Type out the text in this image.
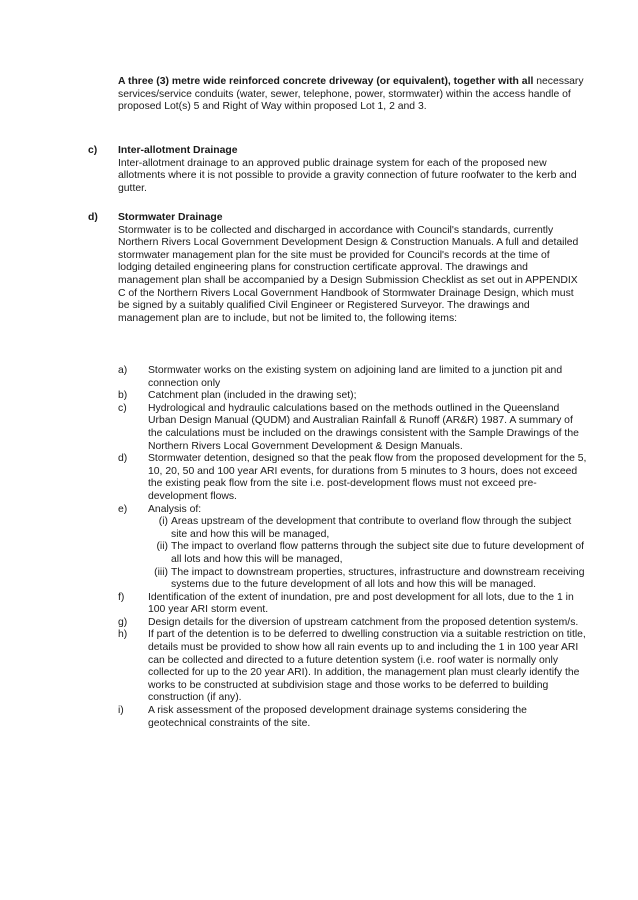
A three (3) metre wide reinforced concrete driveway (or equivalent), together with all necessary services/service conduits (water, sewer, telephone, power, stormwater) within the access handle of proposed Lot(s) 5 and Right of Way within proposed Lot 1, 2 and 3.

c) Inter-allotment Drainage

Inter-allotment drainage to an approved public drainage system for each of the proposed new allotments where it is not possible to provide a gravity connection of future roofwater to the kerb and gutter.

d) Stormwater Drainage

Stormwater is to be collected and discharged in accordance with Council's standards, currently Northern Rivers Local Government Development Design & Construction Manuals. A full and detailed stormwater management plan for the site must be provided for Council's records at the time of lodging detailed engineering plans for construction certificate approval. The drawings and management plan shall be accompanied by a Design Submission Checklist as set out in APPENDIX C of the Northern Rivers Local Government Handbook of Stormwater Drainage Design, which must be signed by a suitably qualified Civil Engineer or Registered Surveyor. The drawings and management plan are to include, but not be limited to, the following items:

a) Stormwater works on the existing system on adjoining land are limited to a junction pit and connection only
b) Catchment plan (included in the drawing set);
c) Hydrological and hydraulic calculations based on the methods outlined in the Queensland Urban Design Manual (QUDM) and Australian Rainfall & Runoff (AR&R) 1987. A summary of the calculations must be included on the drawings consistent with the Sample Drawings of the Northern Rivers Local Government Development & Design Manuals.
d) Stormwater detention, designed so that the peak flow from the proposed development for the 5, 10, 20, 50 and 100 year ARI events, for durations from 5 minutes to 3 hours, does not exceed the existing peak flow from the site i.e. post-development flows must not exceed pre-development flows.
e) Analysis of:
(i) Areas upstream of the development that contribute to overland flow through the subject site and how this will be managed,
(ii) The impact to overland flow patterns through the subject site due to future development of all lots and how this will be managed,
(iii) The impact to downstream properties, structures, infrastructure and downstream receiving systems due to the future development of all lots and how this will be managed.
f) Identification of the extent of inundation, pre and post development for all lots, due to the 1 in 100 year ARI storm event.
g) Design details for the diversion of upstream catchment from the proposed detention system/s.
h) If part of the detention is to be deferred to dwelling construction via a suitable restriction on title, details must be provided to show how all rain events up to and including the 1 in 100 year ARI can be collected and directed to a future detention system (i.e. roof water is normally only collected for up to the 20 year ARI). In addition, the management plan must clearly identify the works to be constructed at subdivision stage and those works to be deferred to building construction (if any).
i) A risk assessment of the proposed development drainage systems considering the geotechnical constraints of the site.
